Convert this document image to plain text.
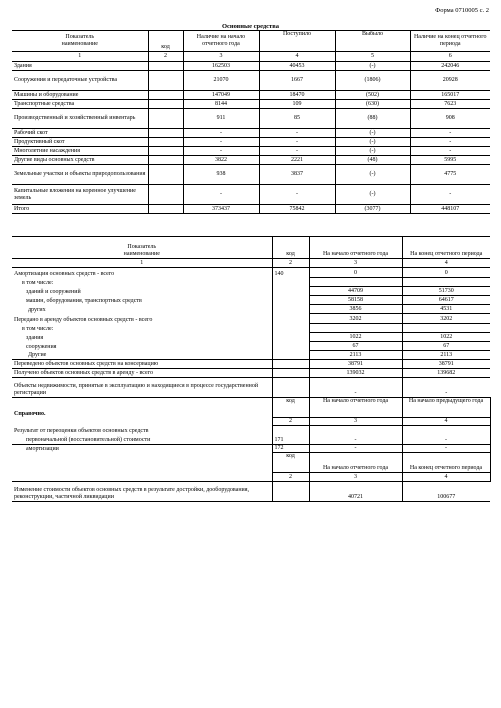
Форма 0710005 с. 2
Основные средства
Показатель
наименование	код	Наличие на начало отчетного года	Поступило	Выбыло	Наличие на конец отчетного периода
1	2	3	4	5	6
Здания		162503	40453	(-)	242046
Сооружения и передаточные устройства		21070	1667	(1806)	20928
Машины и оборудование		147049	18470	(502)	165017
Транспортные средства		8144	109	(630)	7623
Производственный и хозяйственный инвентарь		911	85	(88)	908
Рабочий скот		-	-	(-)	-
Продуктивный скот		-	-	(-)	-
Многолетние насаждения		-	-	(-)	-
Другие виды основных средств		3822	2221	(48)	5995
Земельные участки и объекты природопользования		938	3837	(-)	4775
Капитальные вложения на коренное улучшение земель		-	-	(-)	-
Итого		373437	75842	(3077)	448107
Показатель
наименование	код	На начало отчетного года	На конец отчетного периода
1	2	3	4
Амортизация основных средств - всего	140	0	0
в том числе:			
зданий и сооружений		44709	51730
машин, оборудования, транспортных средств		58158	64617
других		3856	4531
Передано в аренду объектов основных средств - всего		3202	3202
в том числе:			
здания		1022	1022
сооружения		67	67
Другие		2113	2113
Переведено объектов основных средств на консервацию		38791	38791
Получено объектов основных средств в аренду - всего		139032	139682
Объекты недвижимости, принятые в эксплуатацию и находящиеся в процессе государственной регистрации		-	-
	код	На начало отчетного года	На начало предыдущего года

Справочно.			
	2	3	4
Результат от переоценки объектов основных средств			
первоначальной (восстановительной) стоимости	171	-	-
амортизации	172	-	-
	код	На начало отчетного года	На конец отчетного периода
	2	3	4
Изменение стоимости объектов основных средств в результате достройки, дооборудования, реконструкции, частичной ликвидации		40721	100677
